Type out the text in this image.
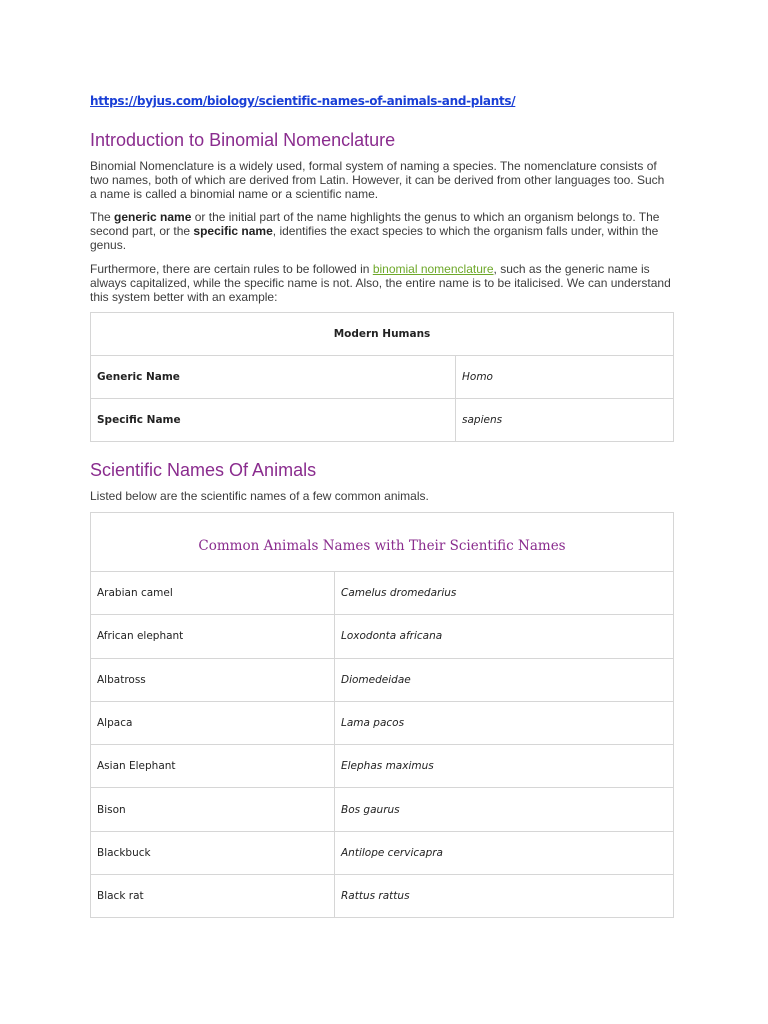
https://byjus.com/biology/scientific-names-of-animals-and-plants/
Introduction to Binomial Nomenclature

Binomial Nomenclature is a widely used, formal system of naming a species. The nomenclature consists of two names, both of which are derived from Latin. However, it can be derived from other languages too. Such a name is called a binomial name or a scientific name.

The generic name or the initial part of the name highlights the genus to which an organism belongs to. The second part, or the specific name, identifies the exact species to which the organism falls under, within the genus.

Furthermore, there are certain rules to be followed in binomial nomenclature, such as the generic name is always capitalized, while the specific name is not. Also, the entire name is to be italicised. We can understand this system better with an example:

Modern Humans	
Generic Name	Homo
Specific Name	sapiens
Scientific Names Of Animals

Listed below are the scientific names of a few common animals.

Common Animals Names with Their Scientific Names	
Arabian camel	Camelus dromedarius
African elephant	Loxodonta africana
Albatross	Diomedeidae
Alpaca	Lama pacos
Asian Elephant	Elephas maximus
Bison	Bos gaurus
Blackbuck	Antilope cervicapra
Black rat	Rattus rattus
